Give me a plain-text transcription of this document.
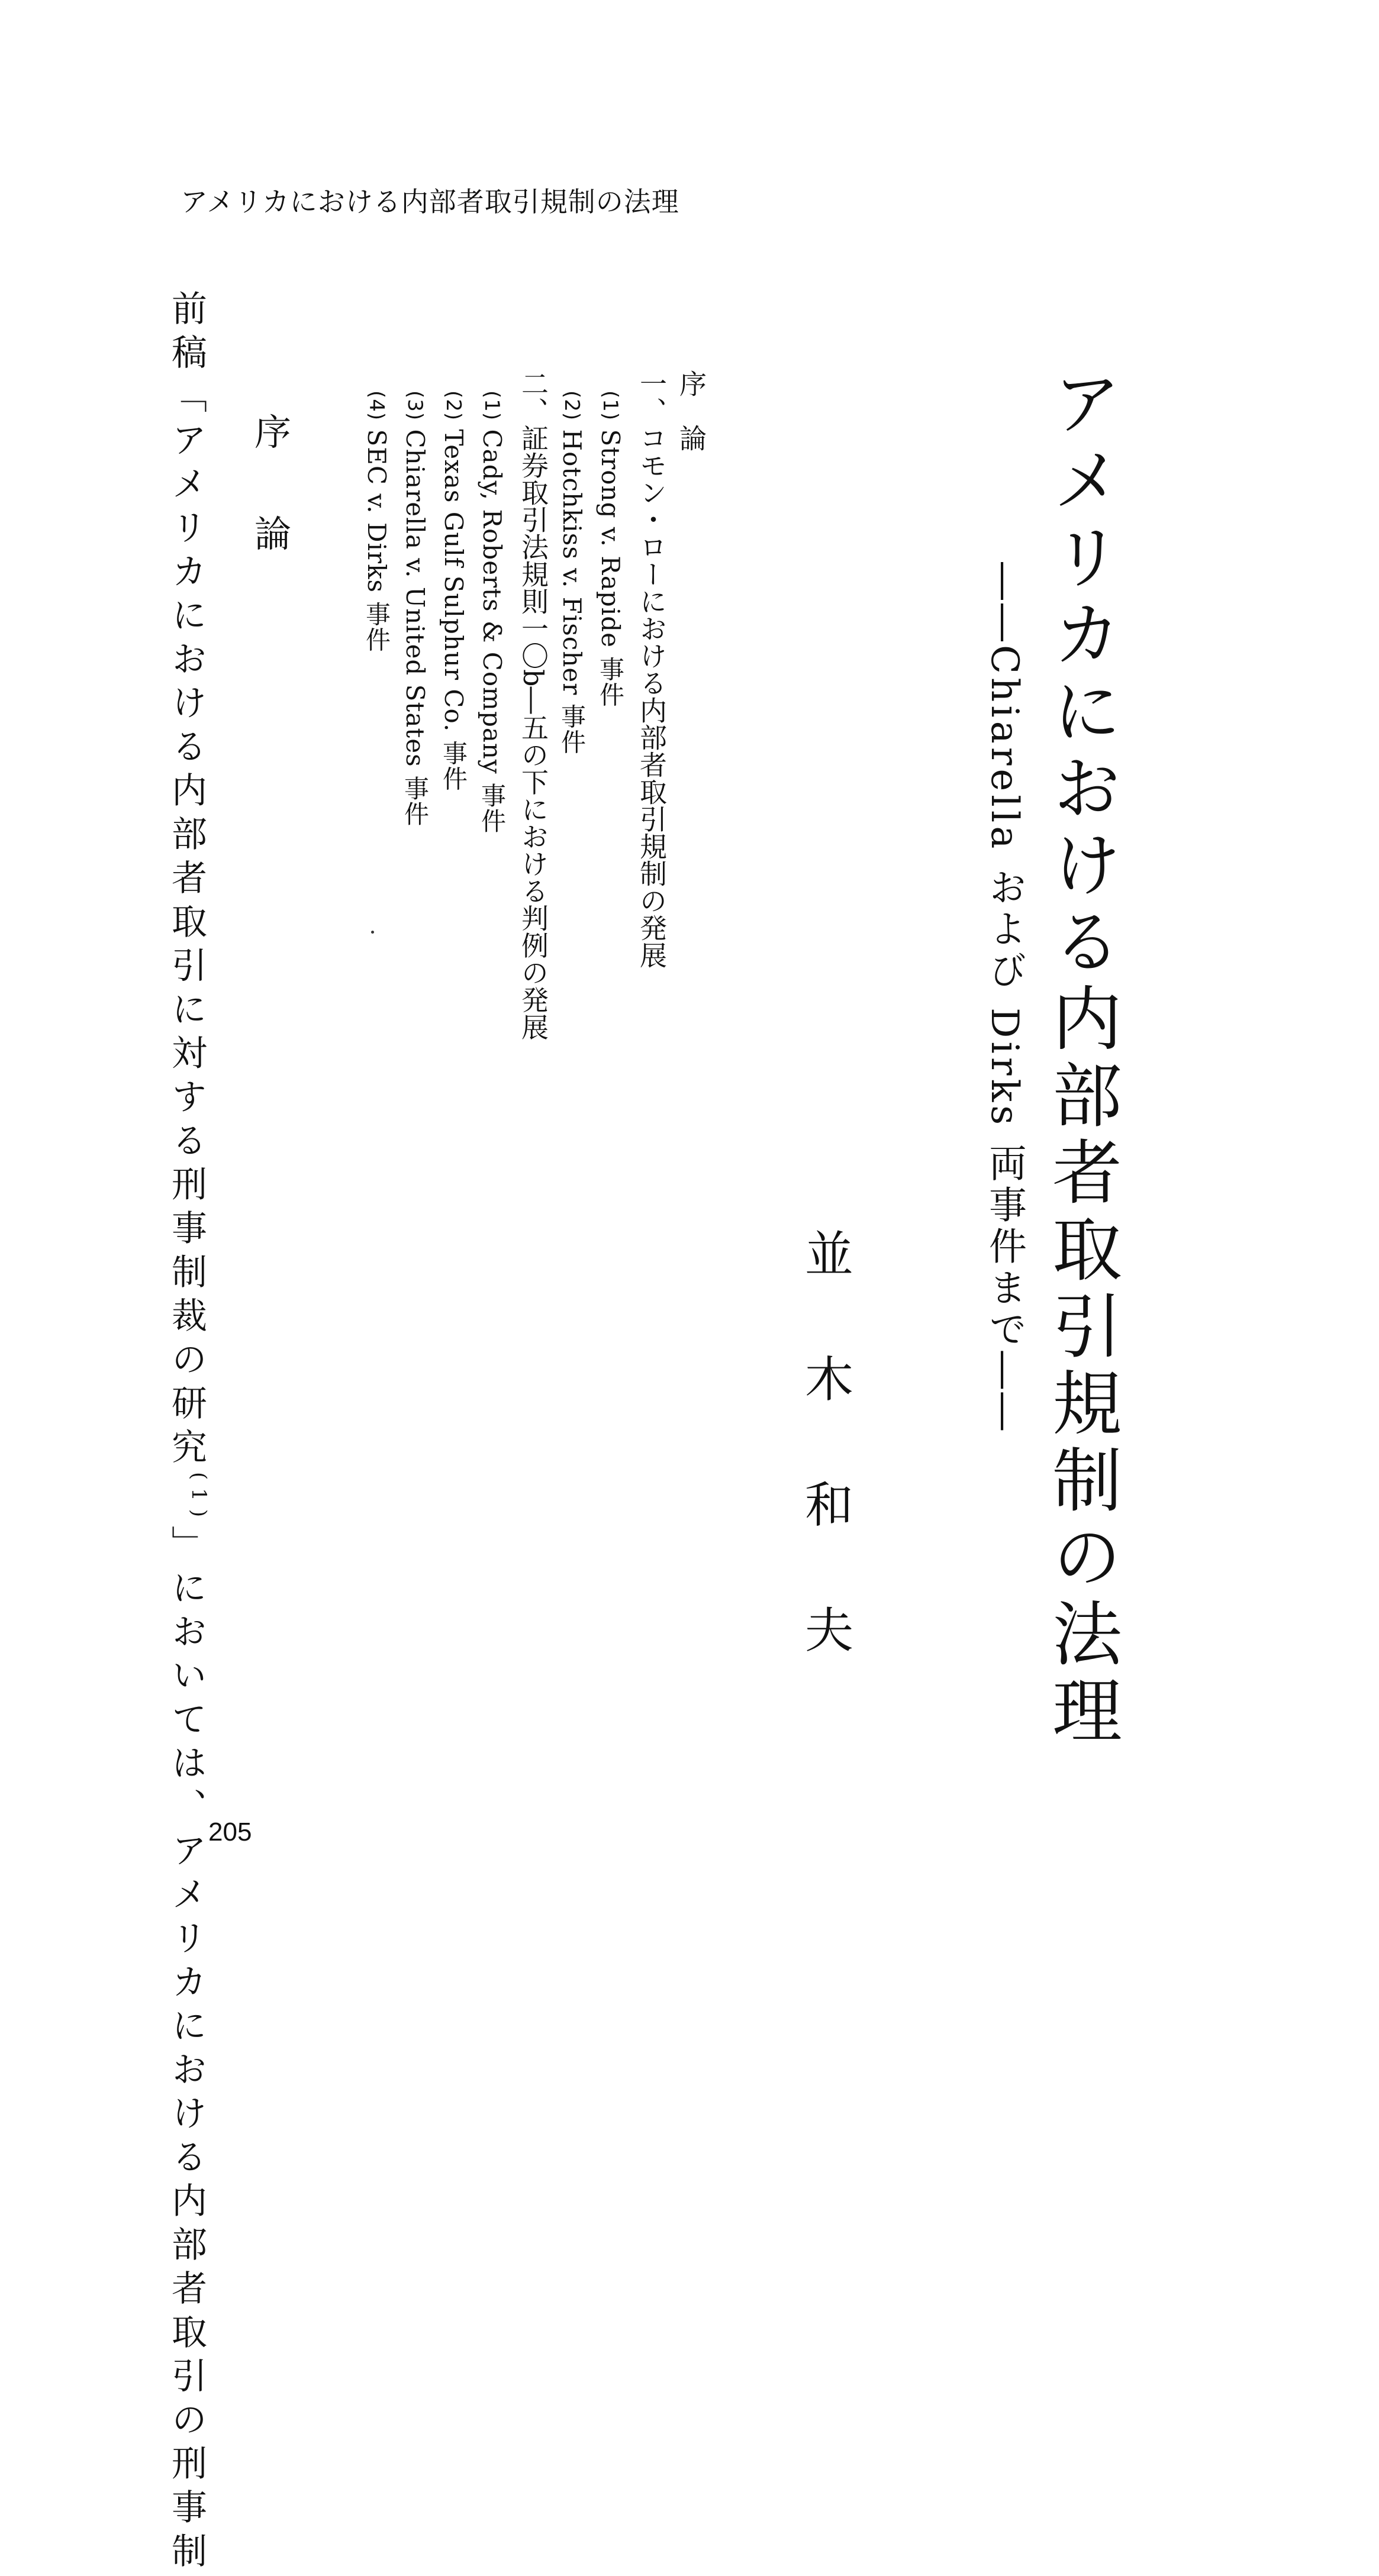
アメリカにおける内部者取引規制の法理
アメリカにおける内部者取引規制の法理
――Chiarella および Dirks 両事件まで――
並
木
和
夫
序　論
一、コモン・ローにおける内部者取引規制の発展
(1) Strong v. Rapide 事件
(2) Hotchkiss v. Fischer 事件
二、証券取引法規則一〇b―五の下における判例の発展
(1) Cady, Roberts & Company 事件
(2) Texas Gulf Sulphur Co. 事件
(3) Chiarella v. United States 事件
(4) SEC v. Dirks 事件
序
論
前稿「アメリカにおける内部者取引に対する刑事制裁の研究$^{(1)}$」においては、アメリカにおける内部者取引の刑事制 205
